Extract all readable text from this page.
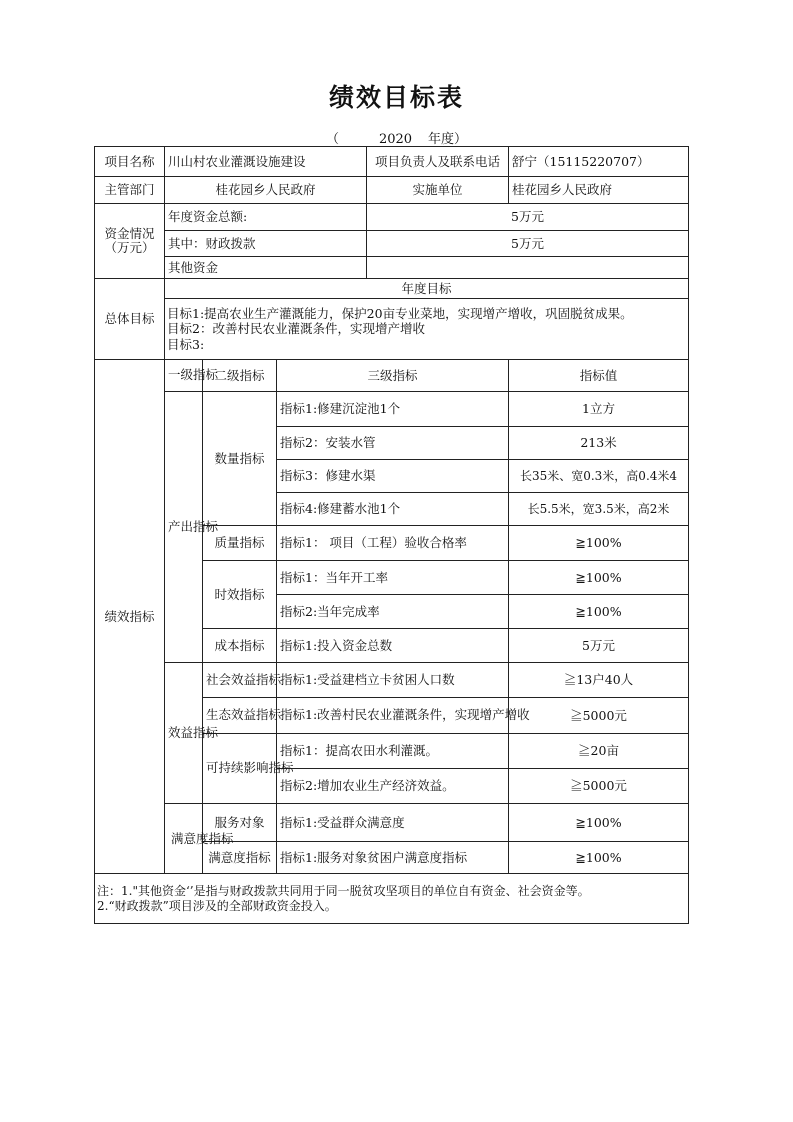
绩效目标表
（	2020 年度）
项目名称	川山村农业灌溉设施建设			项目负责人及联系电话	舒宁（15115220707）
主管部门	桂花园乡人民政府			实施单位	桂花园乡人民政府

资金情况
（万元）	年度资金总额:			5万元	
	其中：财政拨款			5万元	
	其他资金				
总体目标	年度目标				

	目标1:提高农业生产灌溉能力，保护20亩专业菜地，实现增产增收，巩固脱贫成果。
目标2：改善村民农业灌溉条件，实现增产增收
目标3:				

绩效指标	一级指标	二级指标	三级指标		指标值
	产出指标	数量指标	指标1:修建沉淀池1个		1立方
			指标2：安装水管		213米
			指标3：修建水渠		长35米、宽0.3米，高0.4米4
			指标4:修建蓄水池1个		长5.5米，宽3.5米，高2米
		质量指标	指标1： 项目（工程）验收合格率		≧100%
		时效指标	指标1：当年开工率		≧100%
			指标2:当年完成率		≧100%
		成本指标	指标1:投入资金总数		5万元
	效益指标	社会效益指标	指标1:受益建档立卡贫困人口数		≧13户40人
		生态效益指标	指标1:改善村民农业灌溉条件，实现增产增收		≧5000元
		可持续影响指标	指标1：提高农田水利灌溉。		≧20亩
			指标2:增加农业生产经济效益。		≧5000元
	满意度指标	服务对象	指标1:受益群众满意度		≧100%
		满意度指标	指标1:服务对象贫困户满意度指标		≧100%

注：1."其他资金‘’是指与财政拨款共同用于同一脱贫攻坚项目的单位自有资金、社会资金等。
2.“财政拨款”项目涉及的全部财政资金投入。					
